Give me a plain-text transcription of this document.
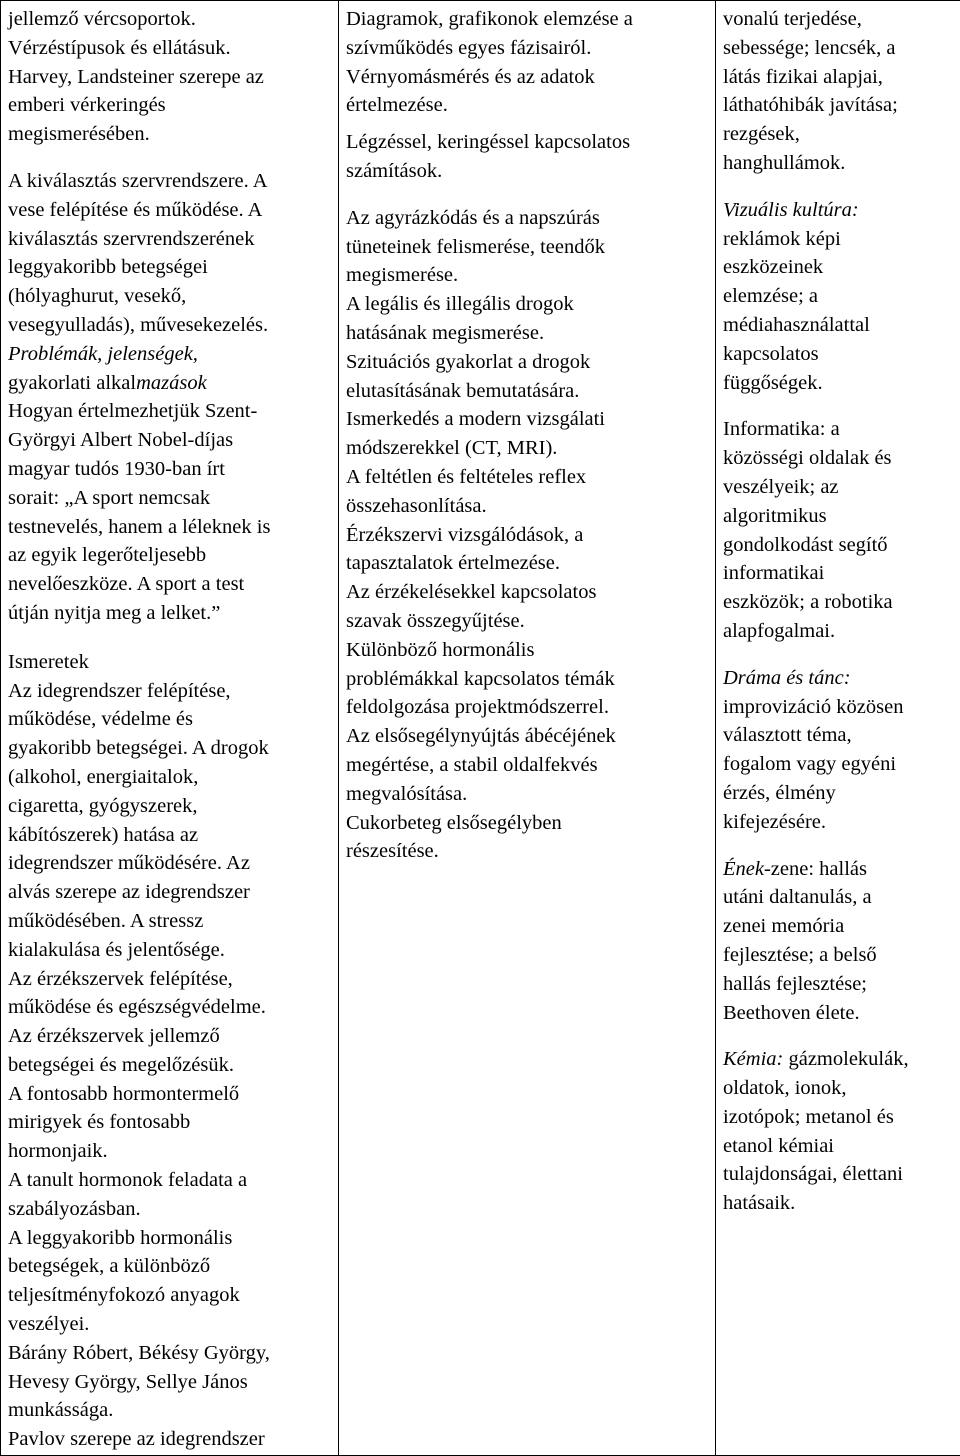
jellemző vércsoportok.
Vérzéstípusok és ellátásuk.
Harvey, Landsteiner szerepe az
emberi vérkeringés
megismerésében.
A kiválasztás szervrendszere. A
vese felépítése és működése. A
kiválasztás szervrendszerének
leggyakoribb betegségei
(hólyaghurut, vesekő,
vesegyulladás), művesekezelés.
Problémák, jelenségek,
gyakorlati alkalmazások
Hogyan értelmezhetjük Szent-
Györgyi Albert Nobel-díjas
magyar tudós 1930-ban írt
sorait: „A sport nemcsak
testnevelés, hanem a léleknek is
az egyik legerőteljesebb
nevelőeszköze. A sport a test
útján nyitja meg a lelket.”
Ismeretek
Az idegrendszer felépítése,
működése, védelme és
gyakoribb betegségei. A drogok
(alkohol, energiaitalok,
cigaretta, gyógyszerek,
kábítószerek) hatása az
idegrendszer működésére. Az
alvás szerepe az idegrendszer
működésében. A stressz
kialakulása és jelentősége.
Az érzékszervek felépítése,
működése és egészségvédelme.
Az érzékszervek jellemző
betegségei és megelőzésük.
A fontosabb hormontermelő
mirigyek és fontosabb
hormonjaik.
A tanult hormonok feladata a
szabályozásban.
A leggyakoribb hormonális
betegségek, a különböző
teljesítményfokozó anyagok
veszélyei.
Bárány Róbert, Békésy György,
Hevesy György, Sellye János
munkássága.
Pavlov szerepe az idegrendszer

Diagramok, grafikonok elemzése a
szívműködés egyes fázisairól.
Vérnyomásmérés és az adatok
értelmezése.
Légzéssel, keringéssel kapcsolatos
számítások.
Az agyrázkódás és a napszúrás
tüneteinek felismerése, teendők
megismerése.
A legális és illegális drogok
hatásának megismerése.
Szituációs gyakorlat a drogok
elutasításának bemutatására.
Ismerkedés a modern vizsgálati
módszerekkel (CT, MRI).
A feltétlen és feltételes reflex
összehasonlítása.
Érzékszervi vizsgálódások, a
tapasztalatok értelmezése.
Az érzékelésekkel kapcsolatos
szavak összegyűjtése.
Különböző hormonális
problémákkal kapcsolatos témák
feldolgozása projektmódszerrel.
Az elsősegélynyújtás ábécéjének
megértése, a stabil oldalfekvés
megvalósítása.
Cukorbeteg elsősegélyben
részesítése.

vonalú terjedése,
sebessége; lencsék, a
látás fizikai alapjai,
láthatóhibák javítása;
rezgések,
hanghullámok.
Vizuális kultúra:
reklámok képi
eszközeinek
elemzése; a
médiahasználattal
kapcsolatos
függőségek.
Informatika: a
közösségi oldalak és
veszélyeik; az
algoritmikus
gondolkodást segítő
informatikai
eszközök; a robotika
alapfogalmai.
Dráma és tánc:
improvizáció közösen
választott téma,
fogalom vagy egyéni
érzés, élmény
kifejezésére.
Ének-zene: hallás
utáni daltanulás, a
zenei memória
fejlesztése; a belső
hallás fejlesztése;
Beethoven élete.
Kémia: gázmolekulák,
oldatok, ionok,
izotópok; metanol és
etanol kémiai
tulajdonságai, élettani
hatásaik.
